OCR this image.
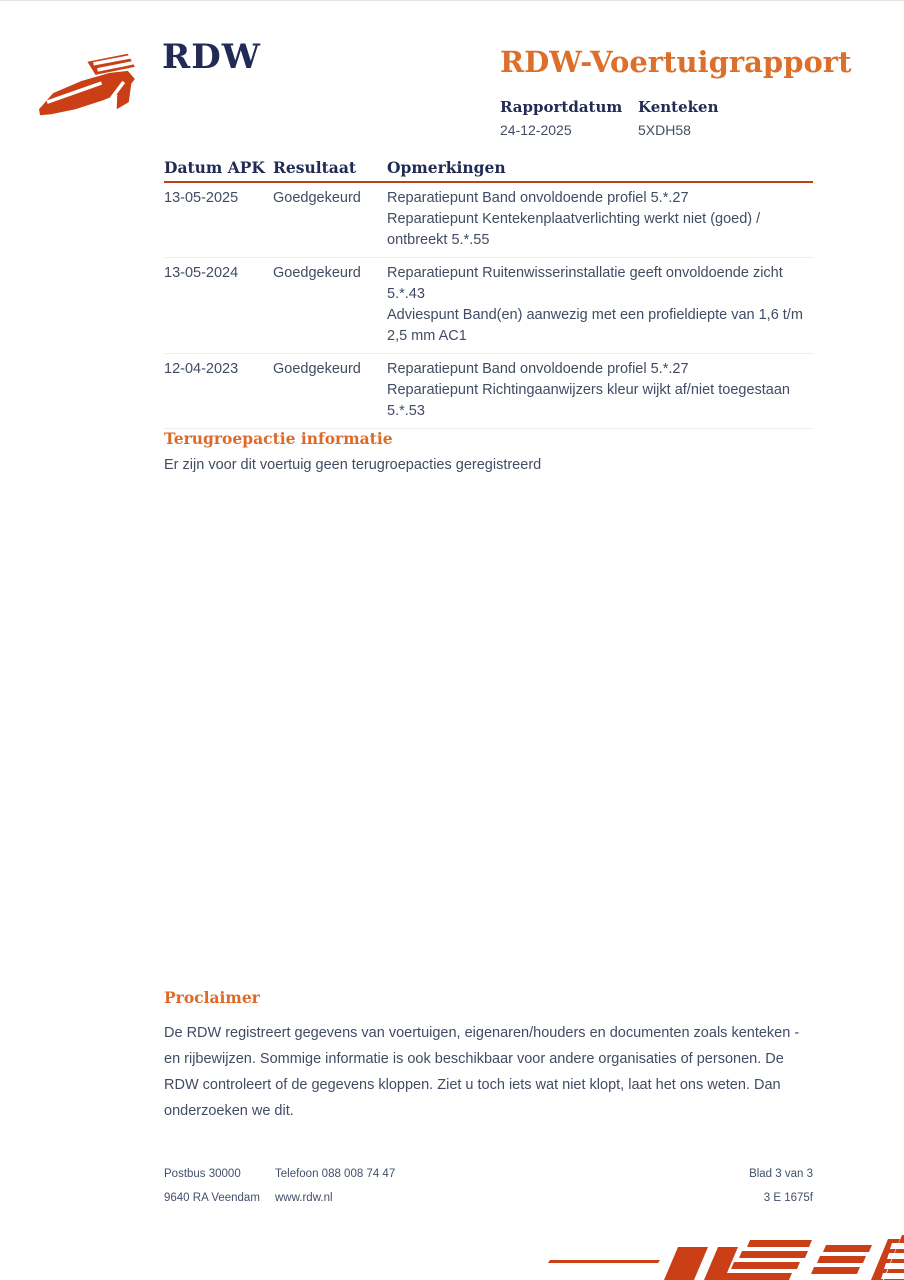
RDW	RDW-Voertuigrapport
Rapportdatum
24-12-2025
Kenteken
5XDH58
Datum APK Resultaat	Opmerkingen
13-05-2025	Goedgekeurd	Reparatiepunt Band onvoldoende profiel 5.*.27
Reparatiepunt Kentekenplaatverlichting werkt niet (goed) / ontbreekt 5.*.55
13-05-2024	Goedgekeurd	Reparatiepunt Ruitenwisserinstallatie geeft onvoldoende zicht 5.*.43
Adviespunt Band(en) aanwezig met een profieldiepte van 1,6 t/m 2,5 mm AC1
12-04-2023	Goedgekeurd	Reparatiepunt Band onvoldoende profiel 5.*.27
Reparatiepunt Richtingaanwijzers kleur wijkt af/niet toegestaan 5.*.53
Terugroepactie informatie
Er zijn voor dit voertuig geen terugroepacties geregistreerd
Proclaimer
De RDW registreert gegevens van voertuigen, eigenaren/houders en documenten zoals kenteken - en rijbewijzen. Sommige informatie is ook beschikbaar voor andere organisaties of personen. De RDW controleert of de gegevens kloppen. Ziet u toch iets wat niet klopt, laat het ons weten. Dan onderzoeken we dit.
Postbus 30000
9640 RA Veendam
Telefoon 088 008 74 47
www.rdw.nl
Blad 3 van 3
3 E 1675f
